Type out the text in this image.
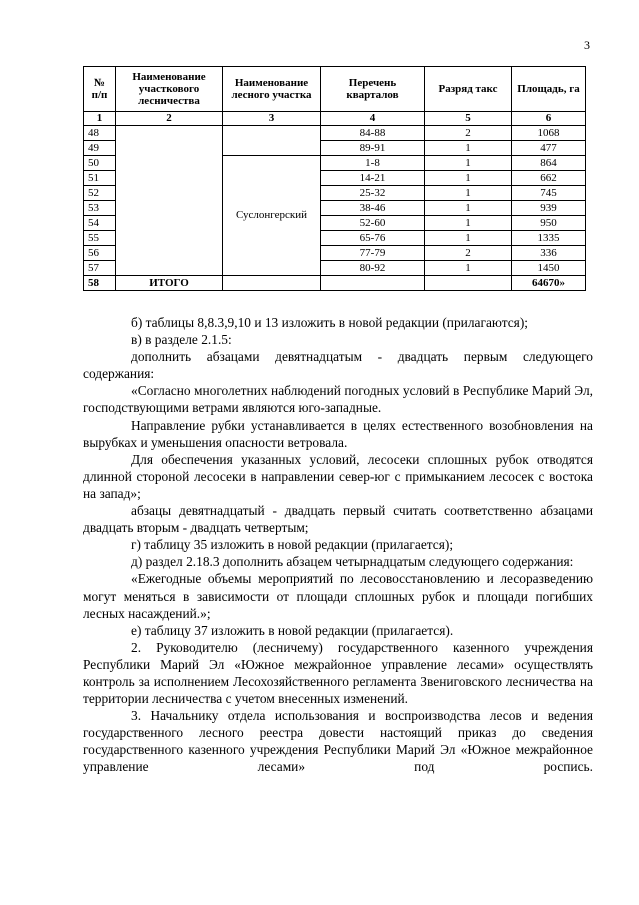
3
№
п/п	Наименование участкового лесничества	Наименование лесного участка	Перечень кварталов	Разряд такс	Площадь, га
1	2	3	4	5	6
48			84-88	2	1068
49			89-91	1	477
50		Суслонгерский	1-8	1	864
51			14-21	1	662
52			25-32	1	745
53			38-46	1	939
54			52-60	1	950
55			65-76	1	1335
56			77-79	2	336
57			80-92	1	1450
58	ИТОГО				64670»

б) таблицы 8,8.3,9,10 и 13 изложить в новой редакции (прилагаются);

в) в разделе 2.1.5:

дополнить абзацами девятнадцатым - двадцать первым следующего содержания:

«Согласно многолетних наблюдений погодных условий в Республике Марий Эл, господствующими ветрами являются юго-западные.

Направление рубки устанавливается в целях естественного возобновления на вырубках и уменьшения опасности ветровала.

Для обеспечения указанных условий, лесосеки сплошных рубок отводятся длинной стороной лесосеки в направлении север-юг с примыканием лесосек с востока на запад»;

абзацы девятнадцатый - двадцать первый считать соответственно абзацами двадцать вторым - двадцать четвертым;

г) таблицу 35 изложить в новой редакции (прилагается);

д) раздел 2.18.3 дополнить абзацем четырнадцатым следующего содержания:

«Ежегодные объемы мероприятий по лесовосстановлению и лесоразведению могут меняться в зависимости от площади сплошных рубок и площади погибших лесных насаждений.»;

е) таблицу 37 изложить в новой редакции (прилагается).

2. Руководителю (лесничему) государственного казенного учреждения Республики Марий Эл «Южное межрайонное управление лесами» осуществлять контроль за исполнением Лесохозяйственного регламента Звениговского лесничества на территории лесничества с учетом внесенных изменений.

3. Начальнику отдела использования и воспроизводства лесов и ведения государственного лесного реестра довести настоящий приказ до сведения государственного казенного учреждения Республики Марий Эл «Южное межрайонное управление лесами» под роспись.
